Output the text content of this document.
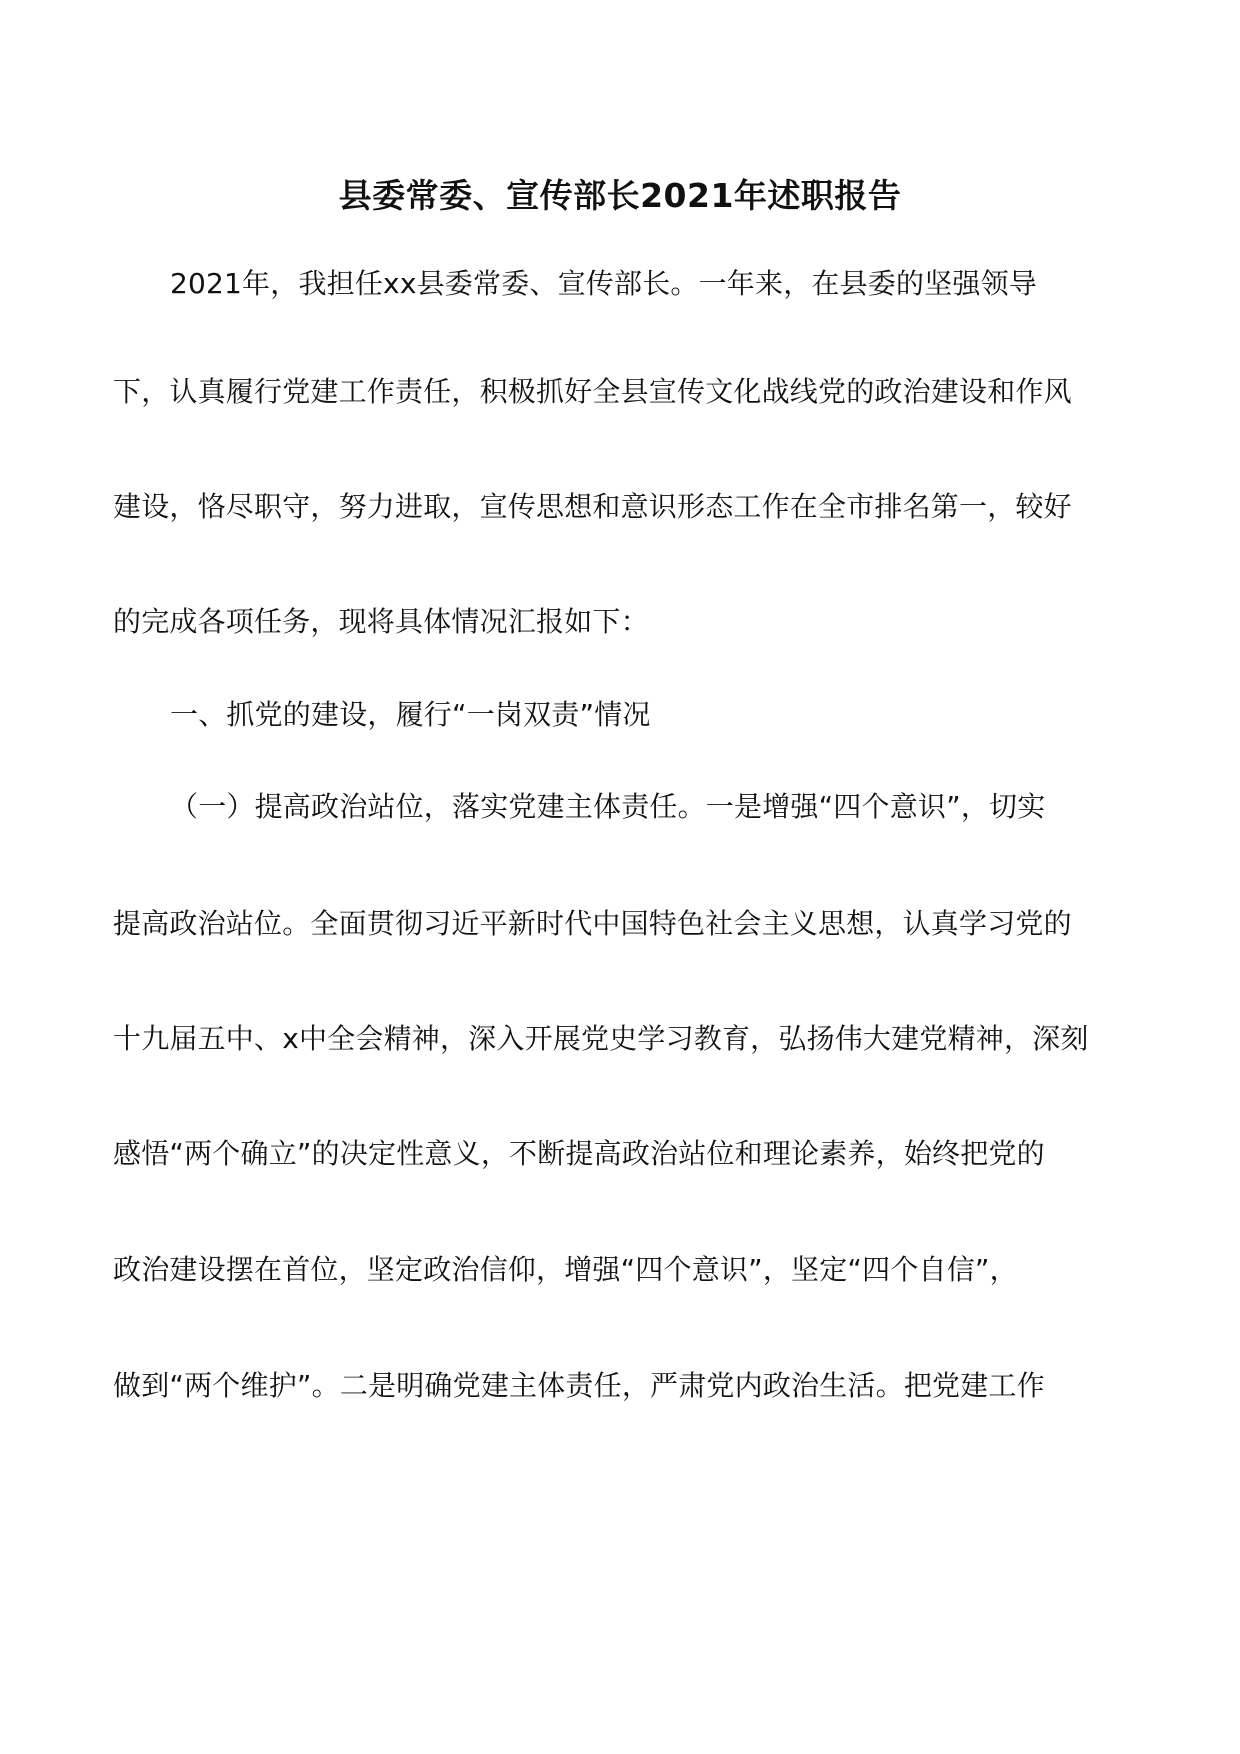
县委常委、宣传部长2021年述职报告
2021年，我担任xx县委常委、宣传部长。一年来，在县委的坚强领导
下，认真履行党建工作责任，积极抓好全县宣传文化战线党的政治建设和作风
建设，恪尽职守，努力进取，宣传思想和意识形态工作在全市排名第一，较好
的完成各项任务，现将具体情况汇报如下：
一、抓党的建设，履行“一岗双责”情况
（一）提高政治站位，落实党建主体责任。一是增强“四个意识”，切实
提高政治站位。全面贯彻习近平新时代中国特色社会主义思想，认真学习党的
十九届五中、x中全会精神，深入开展党史学习教育，弘扬伟大建党精神，深刻
感悟“两个确立”的决定性意义，不断提高政治站位和理论素养，始终把党的
政治建设摆在首位，坚定政治信仰，增强“四个意识”，坚定“四个自信”，
做到“两个维护”。二是明确党建主体责任，严肃党内政治生活。把党建工作
